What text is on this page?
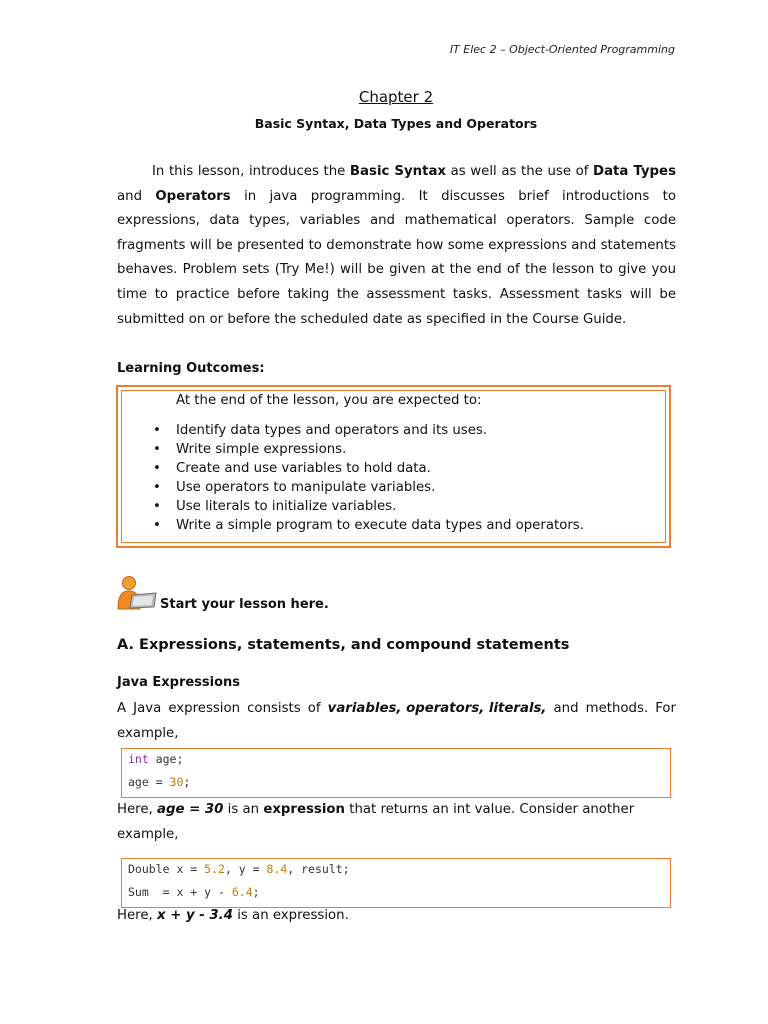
IT Elec 2 – Object-Oriented Programming
Chapter 2
Basic Syntax, Data Types and Operators

In this lesson, introduces the Basic Syntax as well as the use of Data Types and Operators in java programming. It discusses brief introductions to expressions, data types, variables and mathematical operators. Sample code fragments will be presented to demonstrate how some expressions and statements behaves. Problem sets (Try Me!) will be given at the end of the lesson to give you time to practice before taking the assessment tasks. Assessment tasks will be submitted on or before the scheduled date as specified in the Course Guide.

Learning Outcomes:
At the end of the lesson, you are expected to:
• Identify data types and operators and its uses.
• Write simple expressions.
• Create and use variables to hold data.
• Use operators to manipulate variables.
• Use literals to initialize variables.
• Write a simple program to execute data types and operators.
Start your lesson here.
A. Expressions, statements, and compound statements
Java Expressions
A Java expression consists of variables, operators, literals, and methods. For
example,
int age;
age = 30;
Here, age = 30 is an expression that returns an int value. Consider another example,
Double x = 5.2, y = 8.4, result;
Sum  = x + y - 6.4;
Here, x + y - 3.4 is an expression.
